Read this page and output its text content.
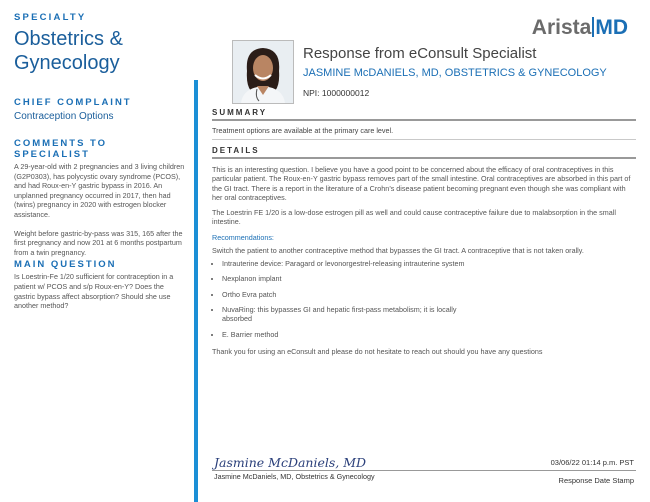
SPECIALTY
Obstetrics &
Gynecology
CHIEF COMPLAINT
Contraception Options
COMMENTS TO SPECIALIST
A 29-year-old with 2 pregnancies and 3 living children (G2P0303), has polycystic ovary syndrome (PCOS), and had Roux-en-Y gastric bypass in 2016. An unplanned pregnancy occurred in 2017, then had (twins) pregnancy in 2020 with estrogen blocker assistance.
Weight before gastric-by-pass was 315, 165 after the first pregnancy and now 201 at 6 months postpartum from a twin pregnancy.
MAIN QUESTION
Is Loestrin-Fe 1/20 sufficient for contraception in a patient w/ PCOS and s/p Roux-en-Y? Does the gastric bypass affect absorption? Should she use another method?
Arista MD
Response from eConsult Specialist
JASMINE McDANIELS, MD, OBSTETRICS & GYNECOLOGY
NPI: 1000000012
SUMMARY
Treatment options are available at the primary care level.
DETAILS
This is an interesting question. I believe you have a good point to be concerned about the efficacy of oral contraceptives in this particular patient. The Roux-en-Y gastric bypass removes part of the small intestine. Oral contraceptives are absorbed in this part of the GI tract. There is a report in the literature of a Crohn’s disease patient becoming pregnant even though she was compliant with her oral contraceptives.
The Loestrin FE 1/20 is a low-dose estrogen pill as well and could cause contraceptive failure due to malabsorption in the small intestine.
Recommendations:
Switch the patient to another contraceptive method that bypasses the GI tract. A contraceptive that is not taken orally.
• Intrauterine device: Paragard or levonorgestrel-releasing intrauterine system
• Nexplanon implant
• Ortho Evra patch
• NuvaRing: this bypasses GI and hepatic first-pass metabolism; it is locally absorbed
• E. Barrier method
Thank you for using an eConsult and please do not hesitate to reach out should you have any questions
Jasmine McDaniels, MD
Jasmine McDaniels, MD, Obstetrics & Gynecology
03/06/22 01:14 p.m. PST
Response Date Stamp
